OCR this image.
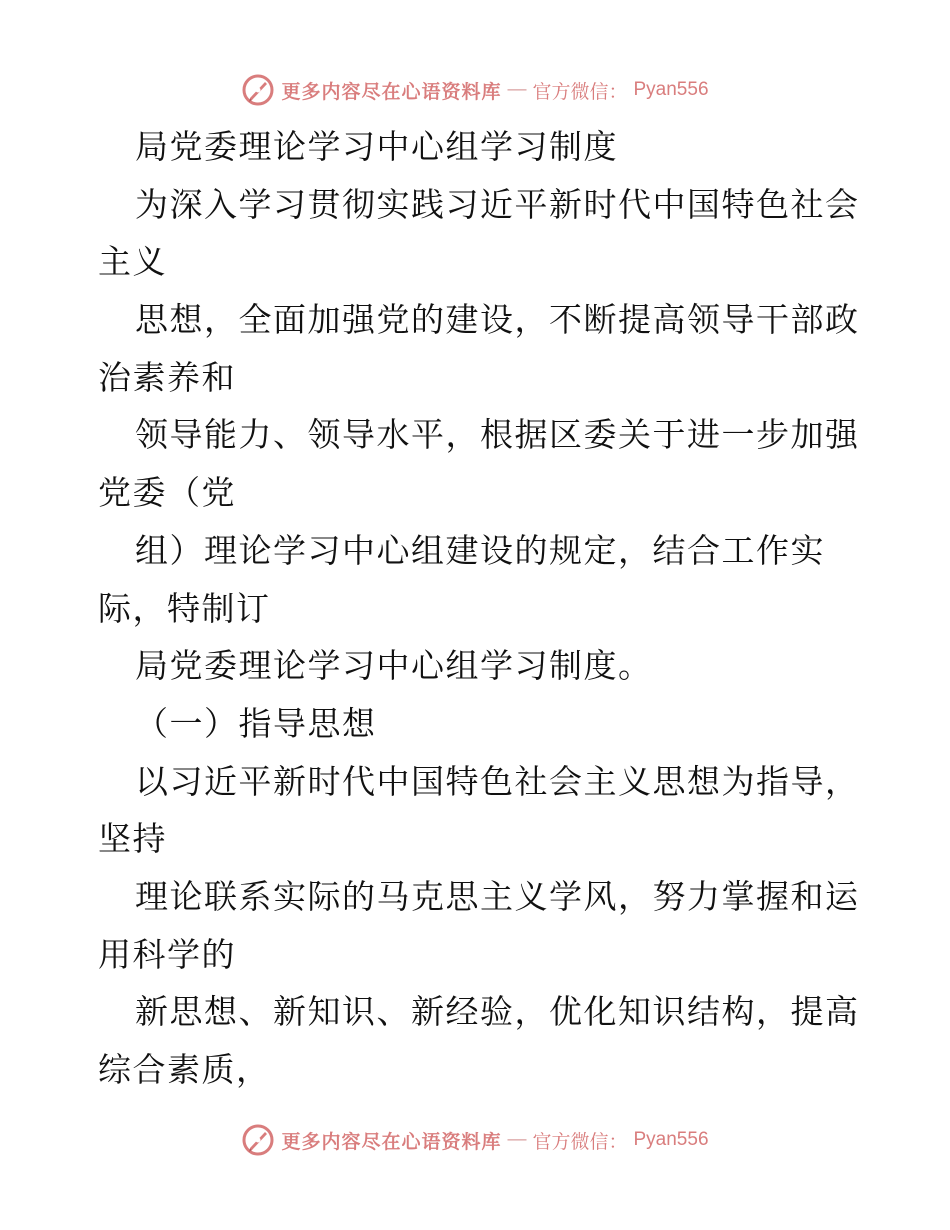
更多内容尽在心语资料库 — 官方微信： Pyan556
局党委理论学习中心组学习制度
为深入学习贯彻实践习近平新时代中国特色社会
主义
思想，全面加强党的建设，不断提高领导干部政
治素养和
领导能力、领导水平，根据区委关于进一步加强
党委（党
组）理论学习中心组建设的规定，结合工作实
际，特制订
局党委理论学习中心组学习制度。
（一）指导思想
以习近平新时代中国特色社会主义思想为指导，
坚持
理论联系实际的马克思主义学风，努力掌握和运
用科学的
新思想、新知识、新经验，优化知识结构，提高
综合素质，
更多内容尽在心语资料库 — 官方微信： Pyan556
